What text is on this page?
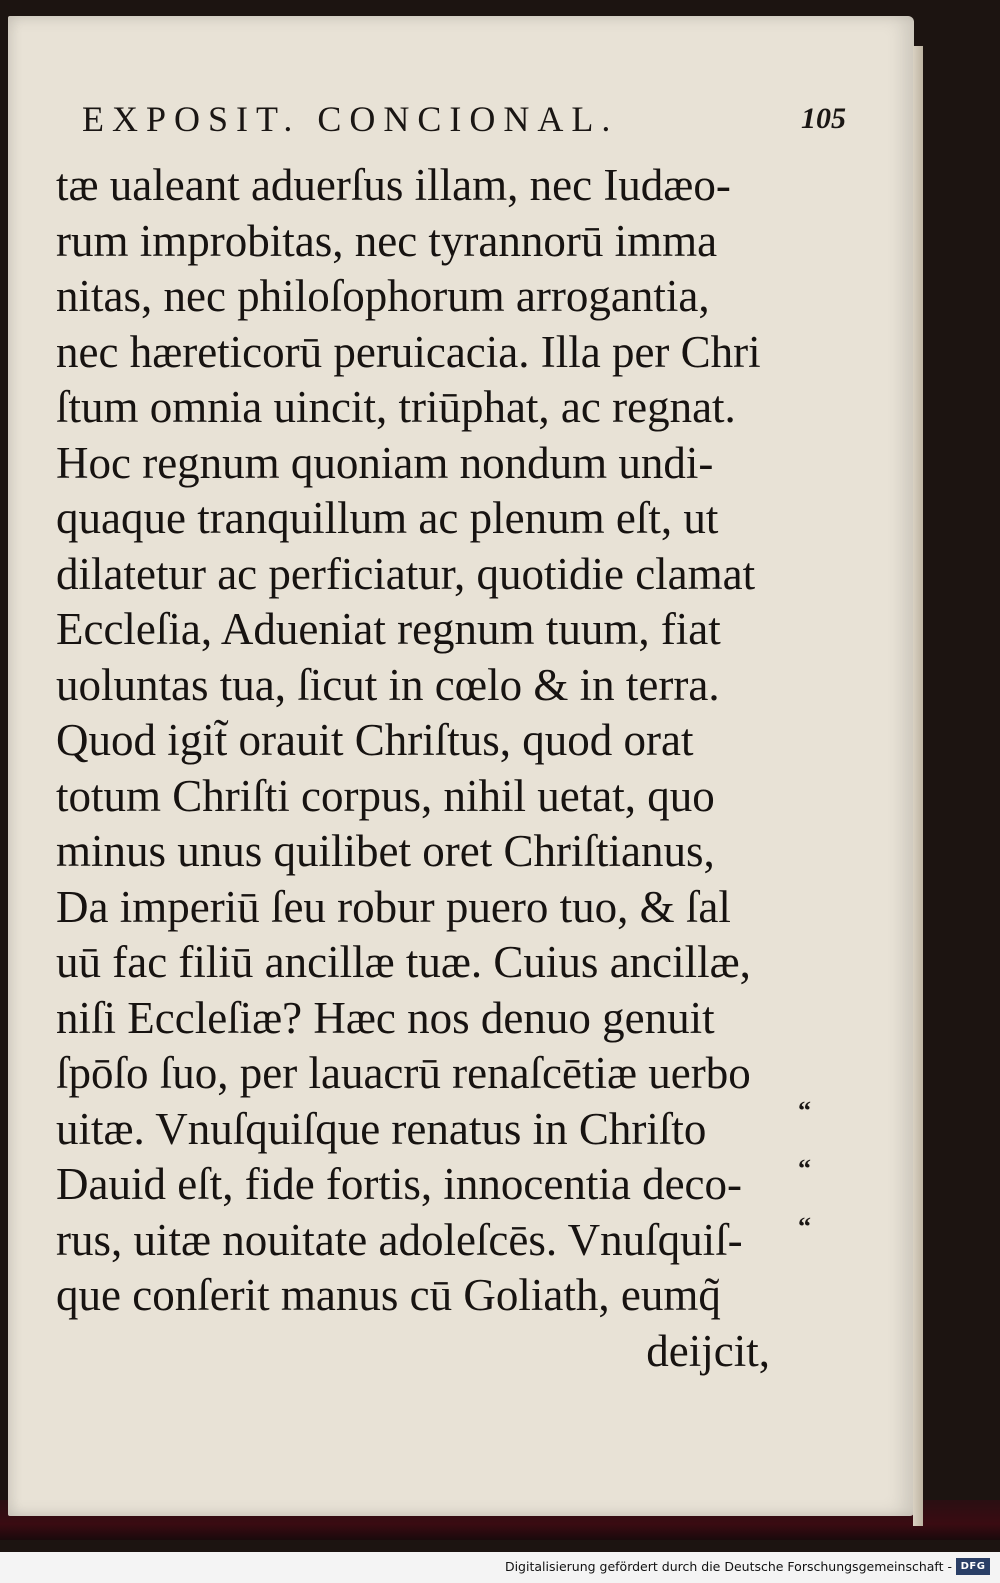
EXPOSIT. CONCIONAL.	105
tæ ualeant aduerſus illam, nec Iudæo-
rum improbitas, nec tyrannorū imma
nitas, nec philoſophorum arrogantia,
nec hæreticorū peruicacia. Illa per Chri
ſtum omnia uincit, triūphat, ac regnat.
Hoc regnum quoniam nondum undi-
quaque tranquillum ac plenum eſt, ut
dilatetur ac perficiatur, quotidie clamat
Eccleſia, Adueniat regnum tuum, fiat
uoluntas tua, ſicut in cœlo & in terra.
Quod igit̃ orauit Chriſtus, quod orat
totum Chriſti corpus, nihil uetat, quo
minus unus quilibet oret Chriſtianus,
Da imperiū ſeu robur puero tuo, & ſal
uū fac filiū ancillæ tuæ. Cuius ancillæ,
niſi Eccleſiæ? Hæc nos denuo genuit
ſpōſo ſuo, per lauacrū renaſcētiæ uerbo
uitæ. Vnuſquiſque renatus in Chriſto
Dauid eſt, fide fortis, innocentia deco-
rus, uitæ nouitate adoleſcēs. Vnuſquiſ-
que conſerit manus cū Goliath, eumq̃
deijcit,
“
“
“
Digitalisierung gefördert durch die Deutsche Forschungsgemeinschaft - DFG
